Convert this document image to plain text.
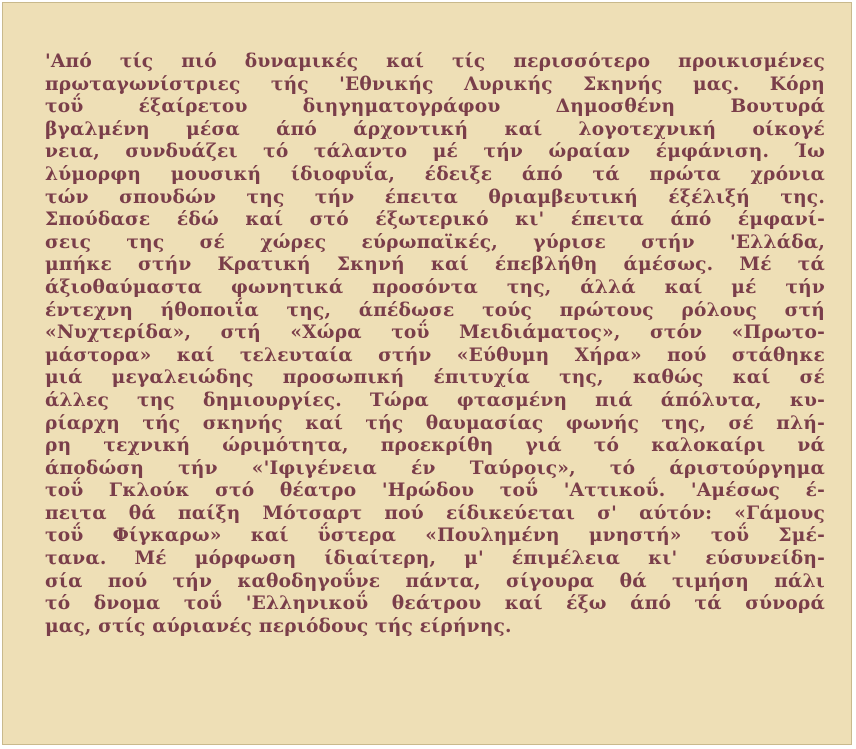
'Από τίς πιό δυναμικές καί τίς περισσότερο προικισμένες
πρωταγωνίστριες τής 'Εθνικής Λυρικής Σκηνής μας. Κόρη
τοΰ έξαίρετου διηγηματογράφου Δημοσθένη Βουτυρά
βγαλμένη μέσα άπό άρχοντική καί λογοτεχνική οίκογέ
νεια, συνδυάζει τό τάλαντο μέ τήν ώραίαν έμφάνιση. Ίω
λύμορφη μουσική ίδιοφυΐα, έδειξε άπό τά πρώτα χρόνια
τών σπουδών της τήν έπειτα θριαμβευτική έξέλιξή της.
Σπούδασε έδώ καί στό έξωτερικό κι' έπειτα άπό έμφανί-
σεις της σέ χώρες εύρωπαϊκές, γύρισε στήν 'Ελλάδα,
μπήκε στήν Κρατική Σκηνή καί έπεβλήθη άμέσως. Μέ τά
άξιοθαύμαστα φωνητικά προσόντα της, άλλά καί μέ τήν
έντεχνη ήθοποιΐα της, άπέδωσε τούς πρώτους ρόλους στή
«Νυχτερίδα», στή «Χώρα τοΰ Μειδιάματος», στόν «Πρωτο-
μάστορα» καί τελευταία στήν «Εύθυμη Χήρα» πού στάθηκε
μιά μεγαλειώδης προσωπική έπιτυχία της, καθώς καί σέ
άλλες της δημιουργίες. Τώρα φτασμένη πιά άπόλυτα, κυ-
ρίαρχη τής σκηνής καί τής θαυμασίας φωνής της, σέ πλή-
ρη τεχνική ώριμότητα, προεκρίθη γιά τό καλοκαίρι νά
άποδώση τήν «'Ιφιγένεια έν Ταύροις», τό άριστούργημα
τοΰ Γκλούκ στό θέατρο 'Ηρώδου τοΰ 'Αττικοΰ. 'Αμέσως έ-
πειτα θά παίξη Μότσαρτ πού είδικεύεται σ' αύτόν: «Γάμους
τοΰ Φίγκαρω» καί ΰστερα «Πουλημένη μνηστή» τοΰ Σμέ-
τανα. Μέ μόρφωση ίδιαίτερη, μ' έπιμέλεια κι' εύσυνείδη-
σία πού τήν καθοδηγοΰνε πάντα, σίγουρα θά τιμήση πάλι
τό δνομα τοΰ 'Ελληνικοΰ θεάτρου καί έξω άπό τά σύνορά
μας, στίς αύριανές περιόδους τής είρήνης.
